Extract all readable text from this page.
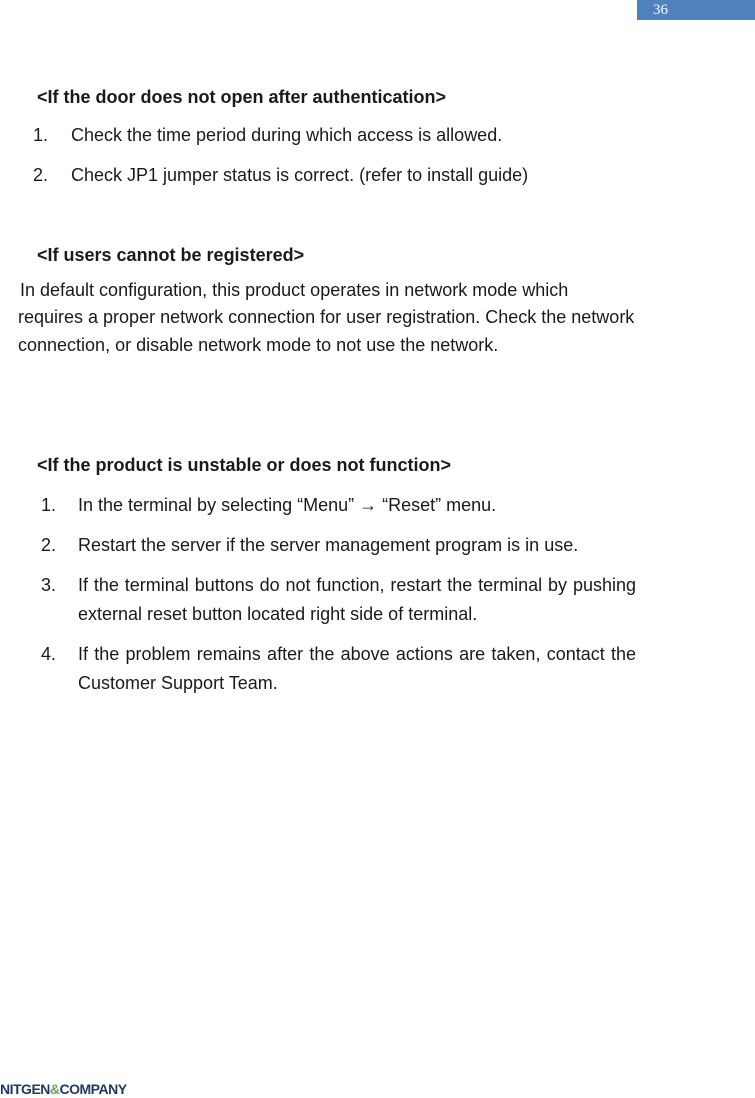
36
<If the door does not open after authentication>
1.	Check the time period during which access is allowed.
2.	Check JP1 jumper status is correct. (refer to install guide)
<If users cannot be registered>

In default configuration, this product operates in network mode which requires a proper network connection for user registration. Check the network connection, or disable network mode to not use the network.

<If the product is unstable or does not function>
1.	In the terminal by selecting “Menu” → “Reset” menu.
2.	Restart the server if the server management program is in use.
3.	If the terminal buttons do not function, restart the terminal by pushing external reset button located right side of terminal.
4.	If the problem remains after the above actions are taken, contact the Customer Support Team.
NITGEN&COMPANY
